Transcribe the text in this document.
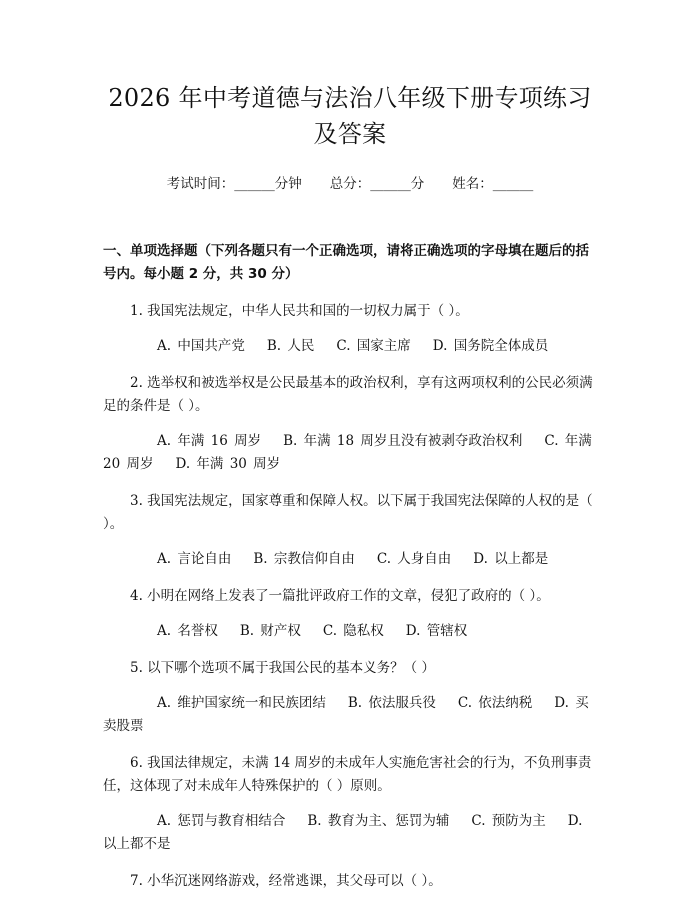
2026 年中考道德与法治八年级下册专项练习及答案
考试时间：______分钟 总分：______分 姓名：______
一、单项选择题（下列各题只有一个正确选项，请将正确选项的字母填在题后的括号内。每小题 2 分，共 30 分）
1. 我国宪法规定，中华人民共和国的一切权力属于（ ）。
A. 中国共产党 B. 人民 C. 国家主席 D. 国务院全体成员
2. 选举权和被选举权是公民最基本的政治权利，享有这两项权利的公民必须满足的条件是（ ）。
A. 年满 16 周岁 B. 年满 18 周岁且没有被剥夺政治权利 C. 年满 20 周岁 D. 年满 30 周岁
3. 我国宪法规定，国家尊重和保障人权。以下属于我国宪法保障的人权的是（ ）。
A. 言论自由 B. 宗教信仰自由 C. 人身自由 D. 以上都是
4. 小明在网络上发表了一篇批评政府工作的文章，侵犯了政府的（ ）。
A. 名誉权 B. 财产权 C. 隐私权 D. 管辖权
5. 以下哪个选项不属于我国公民的基本义务？（ ）
A. 维护国家统一和民族团结 B. 依法服兵役 C. 依法纳税 D. 买卖股票
6. 我国法律规定，未满 14 周岁的未成年人实施危害社会的行为，不负刑事责任，这体现了对未成年人特殊保护的（ ）原则。
A. 惩罚与教育相结合 B. 教育为主、惩罚为辅 C. 预防为主 D. 以上都不是
7. 小华沉迷网络游戏，经常逃课，其父母可以（ ）。
